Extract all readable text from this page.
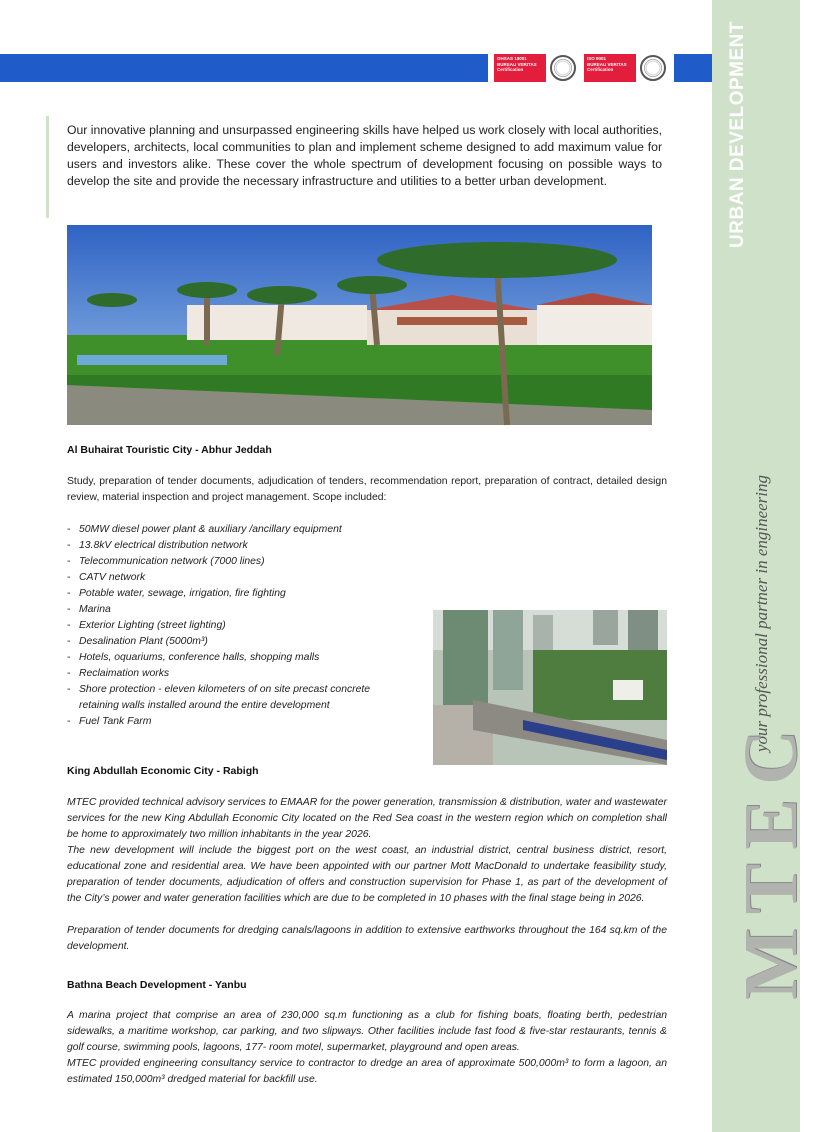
OHSAS 18001
BUREAU VERITAS
Certification
ISO 9001
BUREAU VERITAS
Certification	URBAN DEVELOPMENT
your professional partner in engineering
MTEC
Our innovative planning and unsurpassed engineering skills have helped us work closely with local authorities, developers, architects, local communities to plan and implement scheme designed to add maximum value for users and investors alike. These cover the whole spectrum of development focusing on possible ways to develop the site and provide the necessary infrastructure and utilities to a better urban development.
Al Buhairat Touristic City - Abhur Jeddah
Study, preparation of tender documents, adjudication of tenders, recommendation report, preparation of contract, detailed design review, material inspection and project management. Scope included:
- 50MW diesel power plant & auxiliary /ancillary equipment
- 13.8kV electrical distribution network
- Telecommunication network (7000 lines)
- CATV network
- Potable water, sewage, irrigation, fire fighting
- Marina
- Exterior Lighting (street lighting)
- Desalination Plant (5000m³)
- Hotels, oquariums, conference halls, shopping malls
- Reclaimation works
- Shore protection - eleven kilometers of on site precast concrete retaining walls installed around the entire development
- Fuel Tank Farm
King Abdullah Economic City - Rabigh
MTEC provided technical advisory services to EMAAR for the power generation, transmission & distribution, water and wastewater services for the new King Abdullah Economic City located on the Red Sea coast in the western region which on completion shall be home to approximately two million inhabitants in the year 2026.
The new development will include the biggest port on the west coast, an industrial district, central business district, resort, educational zone and residential area. We have been appointed with our partner Mott MacDonald to undertake feasibility study, preparation of tender documents, adjudication of offers and construction supervision for Phase 1, as part of the development of the City’s power and water generation facilities which are due to be completed in 10 phases with the final stage being in 2026.
Preparation of tender documents for dredging canals/lagoons in addition to extensive earthworks throughout the 164 sq.km of the development.
Bathna Beach Development - Yanbu
A marina project that comprise an area of 230,000 sq.m functioning as a club for fishing boats, floating berth, pedestrian sidewalks, a maritime workshop, car parking, and two slipways. Other facilities include fast food & five-star restaurants, tennis & golf course, swimming pools, lagoons, 177- room motel, supermarket, playground and open areas.
MTEC provided engineering consultancy service to contractor to dredge an area of approximate 500,000m³ to form a lagoon, an estimated 150,000m³ dredged material for backfill use.
